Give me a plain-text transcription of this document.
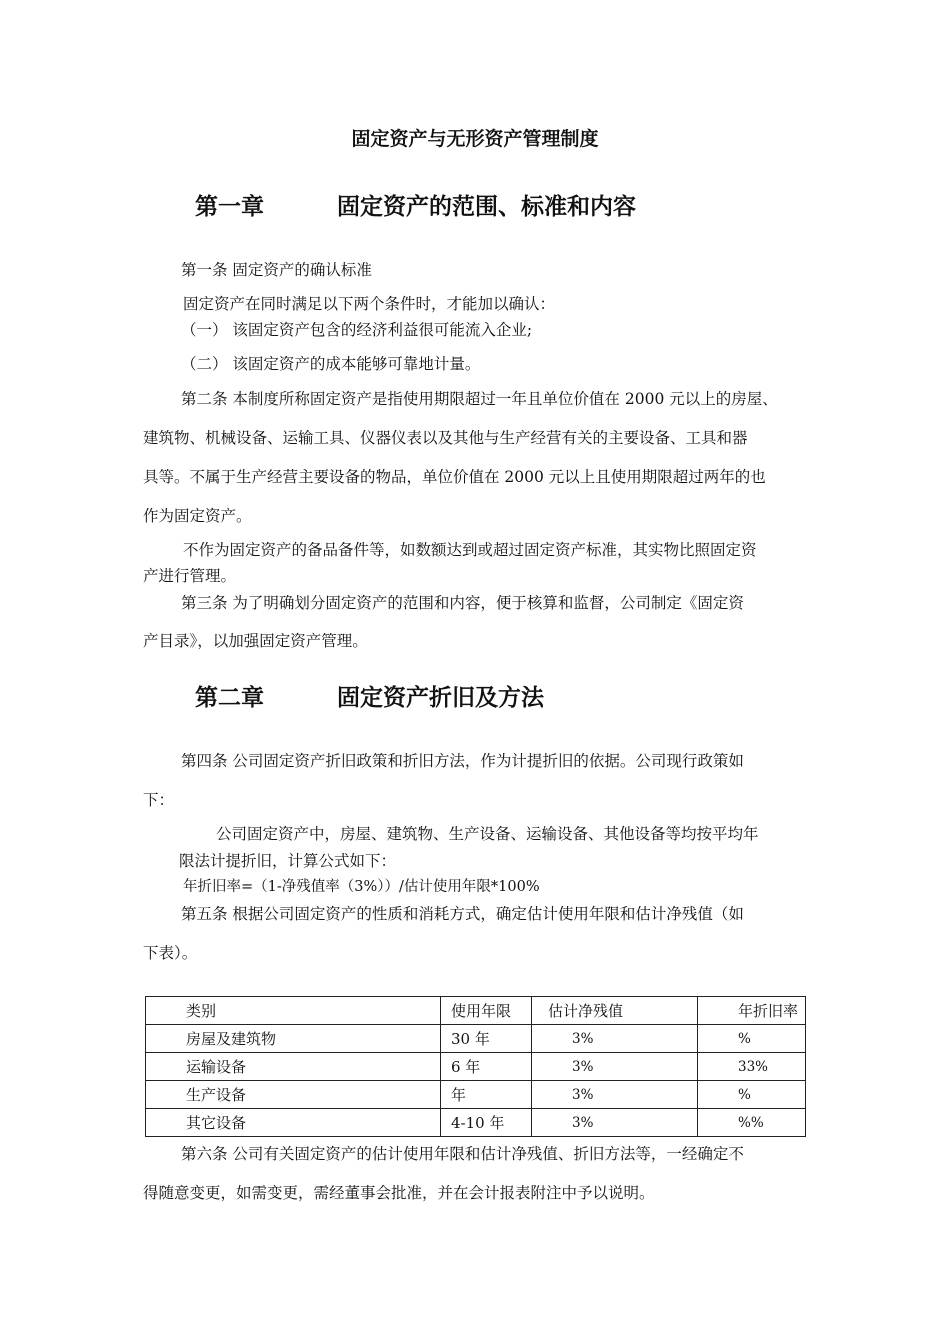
固定资产与无形资产管理制度
第一章	固定资产的范围、标准和内容
第一条 固定资产的确认标准
固定资产在同时满足以下两个条件时，才能加以确认：
（一） 该固定资产包含的经济利益很可能流入企业;
（二） 该固定资产的成本能够可靠地计量。
第二条 本制度所称固定资产是指使用期限超过一年且单位价值在 2000 元以上的房屋、
建筑物、机械设备、运输工具、仪器仪表以及其他与生产经营有关的主要设备、工具和器
具等。不属于生产经营主要设备的物品，单位价值在 2000 元以上且使用期限超过两年的也
作为固定资产。
不作为固定资产的备品备件等，如数额达到或超过固定资产标准，其实物比照固定资
产进行管理。
第三条 为了明确划分固定资产的范围和内容，便于核算和监督，公司制定《固定资
产目录》，以加强固定资产管理。
第二章	固定资产折旧及方法
第四条 公司固定资产折旧政策和折旧方法，作为计提折旧的依据。公司现行政策如
下：
公司固定资产中，房屋、建筑物、生产设备、运输设备、其他设备等均按平均年
限法计提折旧，计算公式如下：
年折旧率=（1-净残值率（3%））/估计使用年限*100%
第五条 根据公司固定资产的性质和消耗方式，确定估计使用年限和估计净残值（如
下表）。
类别	使用年限	估计净残值	年折旧率
房屋及建筑物	30 年	3%	%
运输设备	6 年	3%	33%
生产设备	年	3%	%
其它设备	4-10 年	3%	%%
第六条 公司有关固定资产的估计使用年限和估计净残值、折旧方法等，一经确定不
得随意变更，如需变更，需经董事会批准，并在会计报表附注中予以说明。
